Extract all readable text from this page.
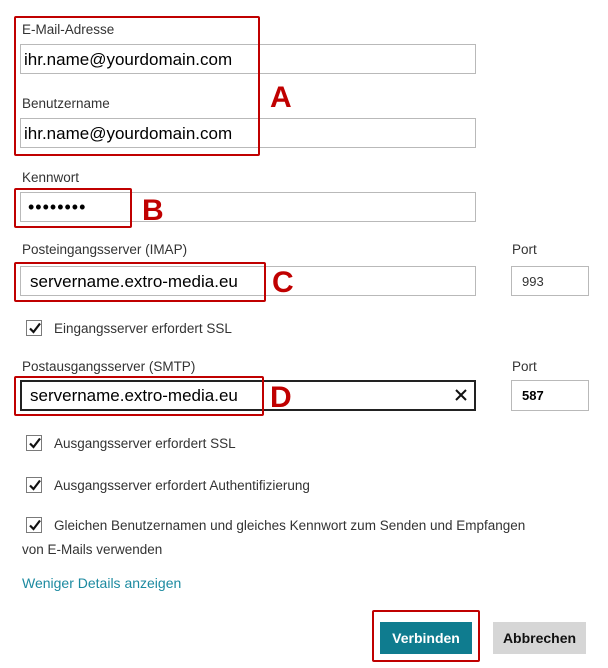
E-Mail-Adresse
ihr.name@yourdomain.com
Benutzername
ihr.name@yourdomain.com
A
Kennwort
•••••••• B
Posteingangsserver (IMAP)
servername.extro-media.eu
Port
993
C
Eingangsserver erfordert SSL
Postausgangsserver (SMTP)
servername.extro-media.eu
Port
587
D
Ausgangsserver erfordert SSL
Ausgangsserver erfordert Authentifizierung
Gleichen Benutzernamen und gleiches Kennwort zum Senden und Empfangen
von E-Mails verwenden
Weniger Details anzeigen
Verbinden	Abbrechen
